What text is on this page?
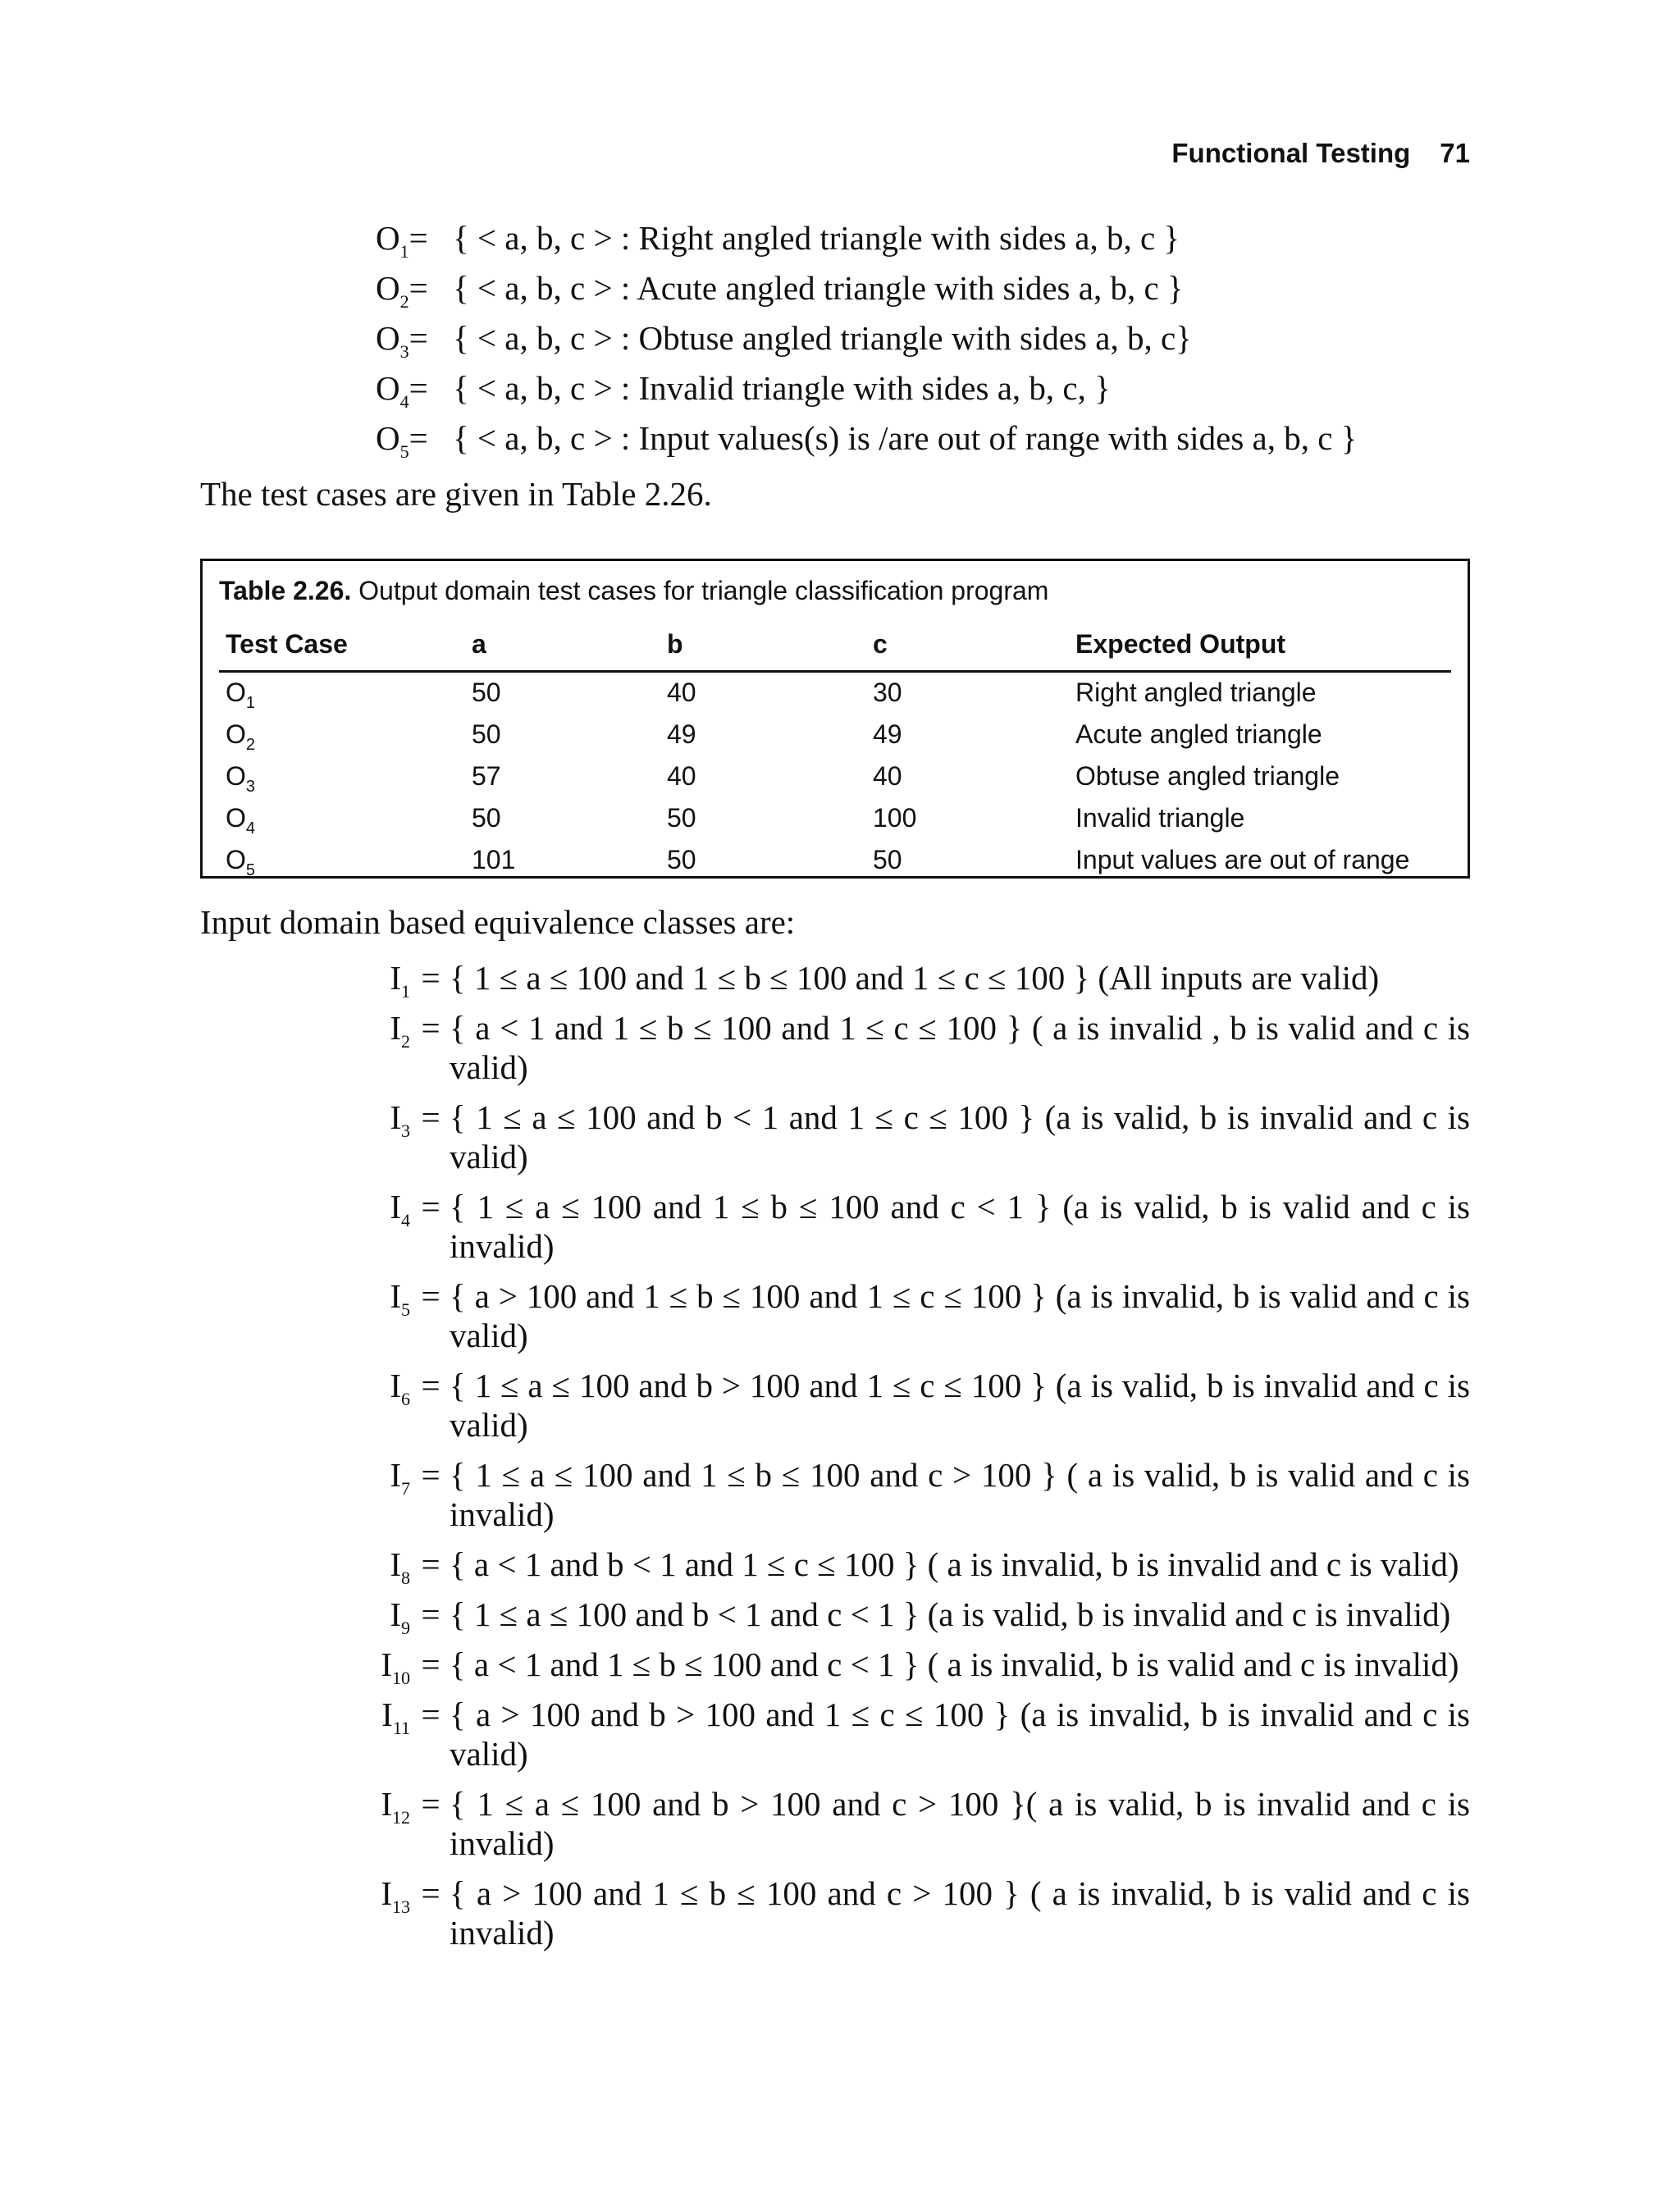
Functional Testing 71
$O_1=$ { < a, b, c > : Right angled triangle with sides a, b, c }
$O_2=$ { < a, b, c > : Acute angled triangle with sides a, b, c }
$O_3=$ { < a, b, c > : Obtuse angled triangle with sides a, b, c}
$O_4=$ { < a, b, c > : Invalid triangle with sides a, b, c, }
$O_5=$ { < a, b, c > : Input values(s) is /are out of range with sides a, b, c }
The test cases are given in Table 2.26.
Table 2.26. Output domain test cases for triangle classification program
Test Case	a	b	c	Expected Output
$O_1$	50	40	30	Right angled triangle
$O_2$	50	49	49	Acute angled triangle
$O_3$	57	40	40	Obtuse angled triangle
$O_4$	50	50	100	Invalid triangle
$O_5$	101	50	50	Input values are out of range
Input domain based equivalence classes are:
$I_1$ = { 1 ≤ a ≤ 100 and 1 ≤ b ≤ 100 and 1 ≤ c ≤ 100 } (All inputs are valid)
$I_2$ = { a < 1 and 1 ≤ b ≤ 100 and 1 ≤ c ≤ 100 } ( a is invalid , b is valid and c is valid)
$I_3$ = { 1 ≤ a ≤ 100 and b < 1 and 1 ≤ c ≤ 100 } (a is valid, b is invalid and c is valid)
$I_4$ = { 1 ≤ a ≤ 100 and 1 ≤ b ≤ 100 and c < 1 } (a is valid, b is valid and c is invalid)
$I_5$ = { a > 100 and 1 ≤ b ≤ 100 and 1 ≤ c ≤ 100 } (a is invalid, b is valid and c is valid)
$I_6$ = { 1 ≤ a ≤ 100 and b > 100 and 1 ≤ c ≤ 100 } (a is valid, b is invalid and c is valid)
$I_7$ = { 1 ≤ a ≤ 100 and 1 ≤ b ≤ 100 and c > 100 } ( a is valid, b is valid and c is invalid)
$I_8$ = { a < 1 and b < 1 and 1 ≤ c ≤ 100 } ( a is invalid, b is invalid and c is valid)
$I_9$ = { 1 ≤ a ≤ 100 and b < 1 and c < 1 } (a is valid, b is invalid and c is invalid)
$I_{10}$ = { a < 1 and 1 ≤ b ≤ 100 and c < 1 } ( a is invalid, b is valid and c is invalid)
$I_{11}$ = { a > 100 and b > 100 and 1 ≤ c ≤ 100 } (a is invalid, b is invalid and c is valid)
$I_{12}$ = { 1 ≤ a ≤ 100 and b > 100 and c > 100 }( a is valid, b is invalid and c is invalid)
$I_{13}$ = { a > 100 and 1 ≤ b ≤ 100 and c > 100 } ( a is invalid, b is valid and c is invalid)
